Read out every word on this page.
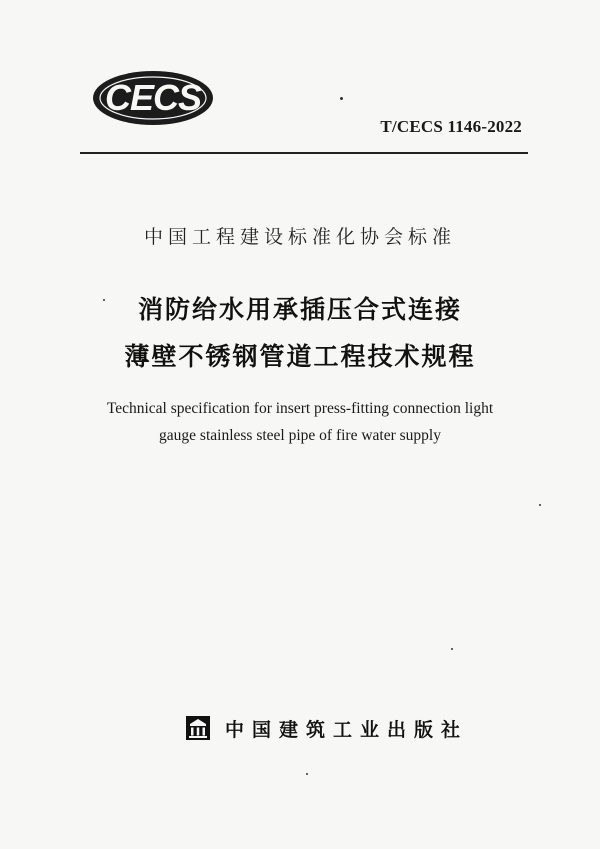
CECS
T/CECS 1146-2022
中国工程建设标准化协会标准
消防给水用承插压合式连接
薄壁不锈钢管道工程技术规程
Technical specification for insert press-fitting connection light
gauge stainless steel pipe of fire water supply
中国建筑工业出版社
